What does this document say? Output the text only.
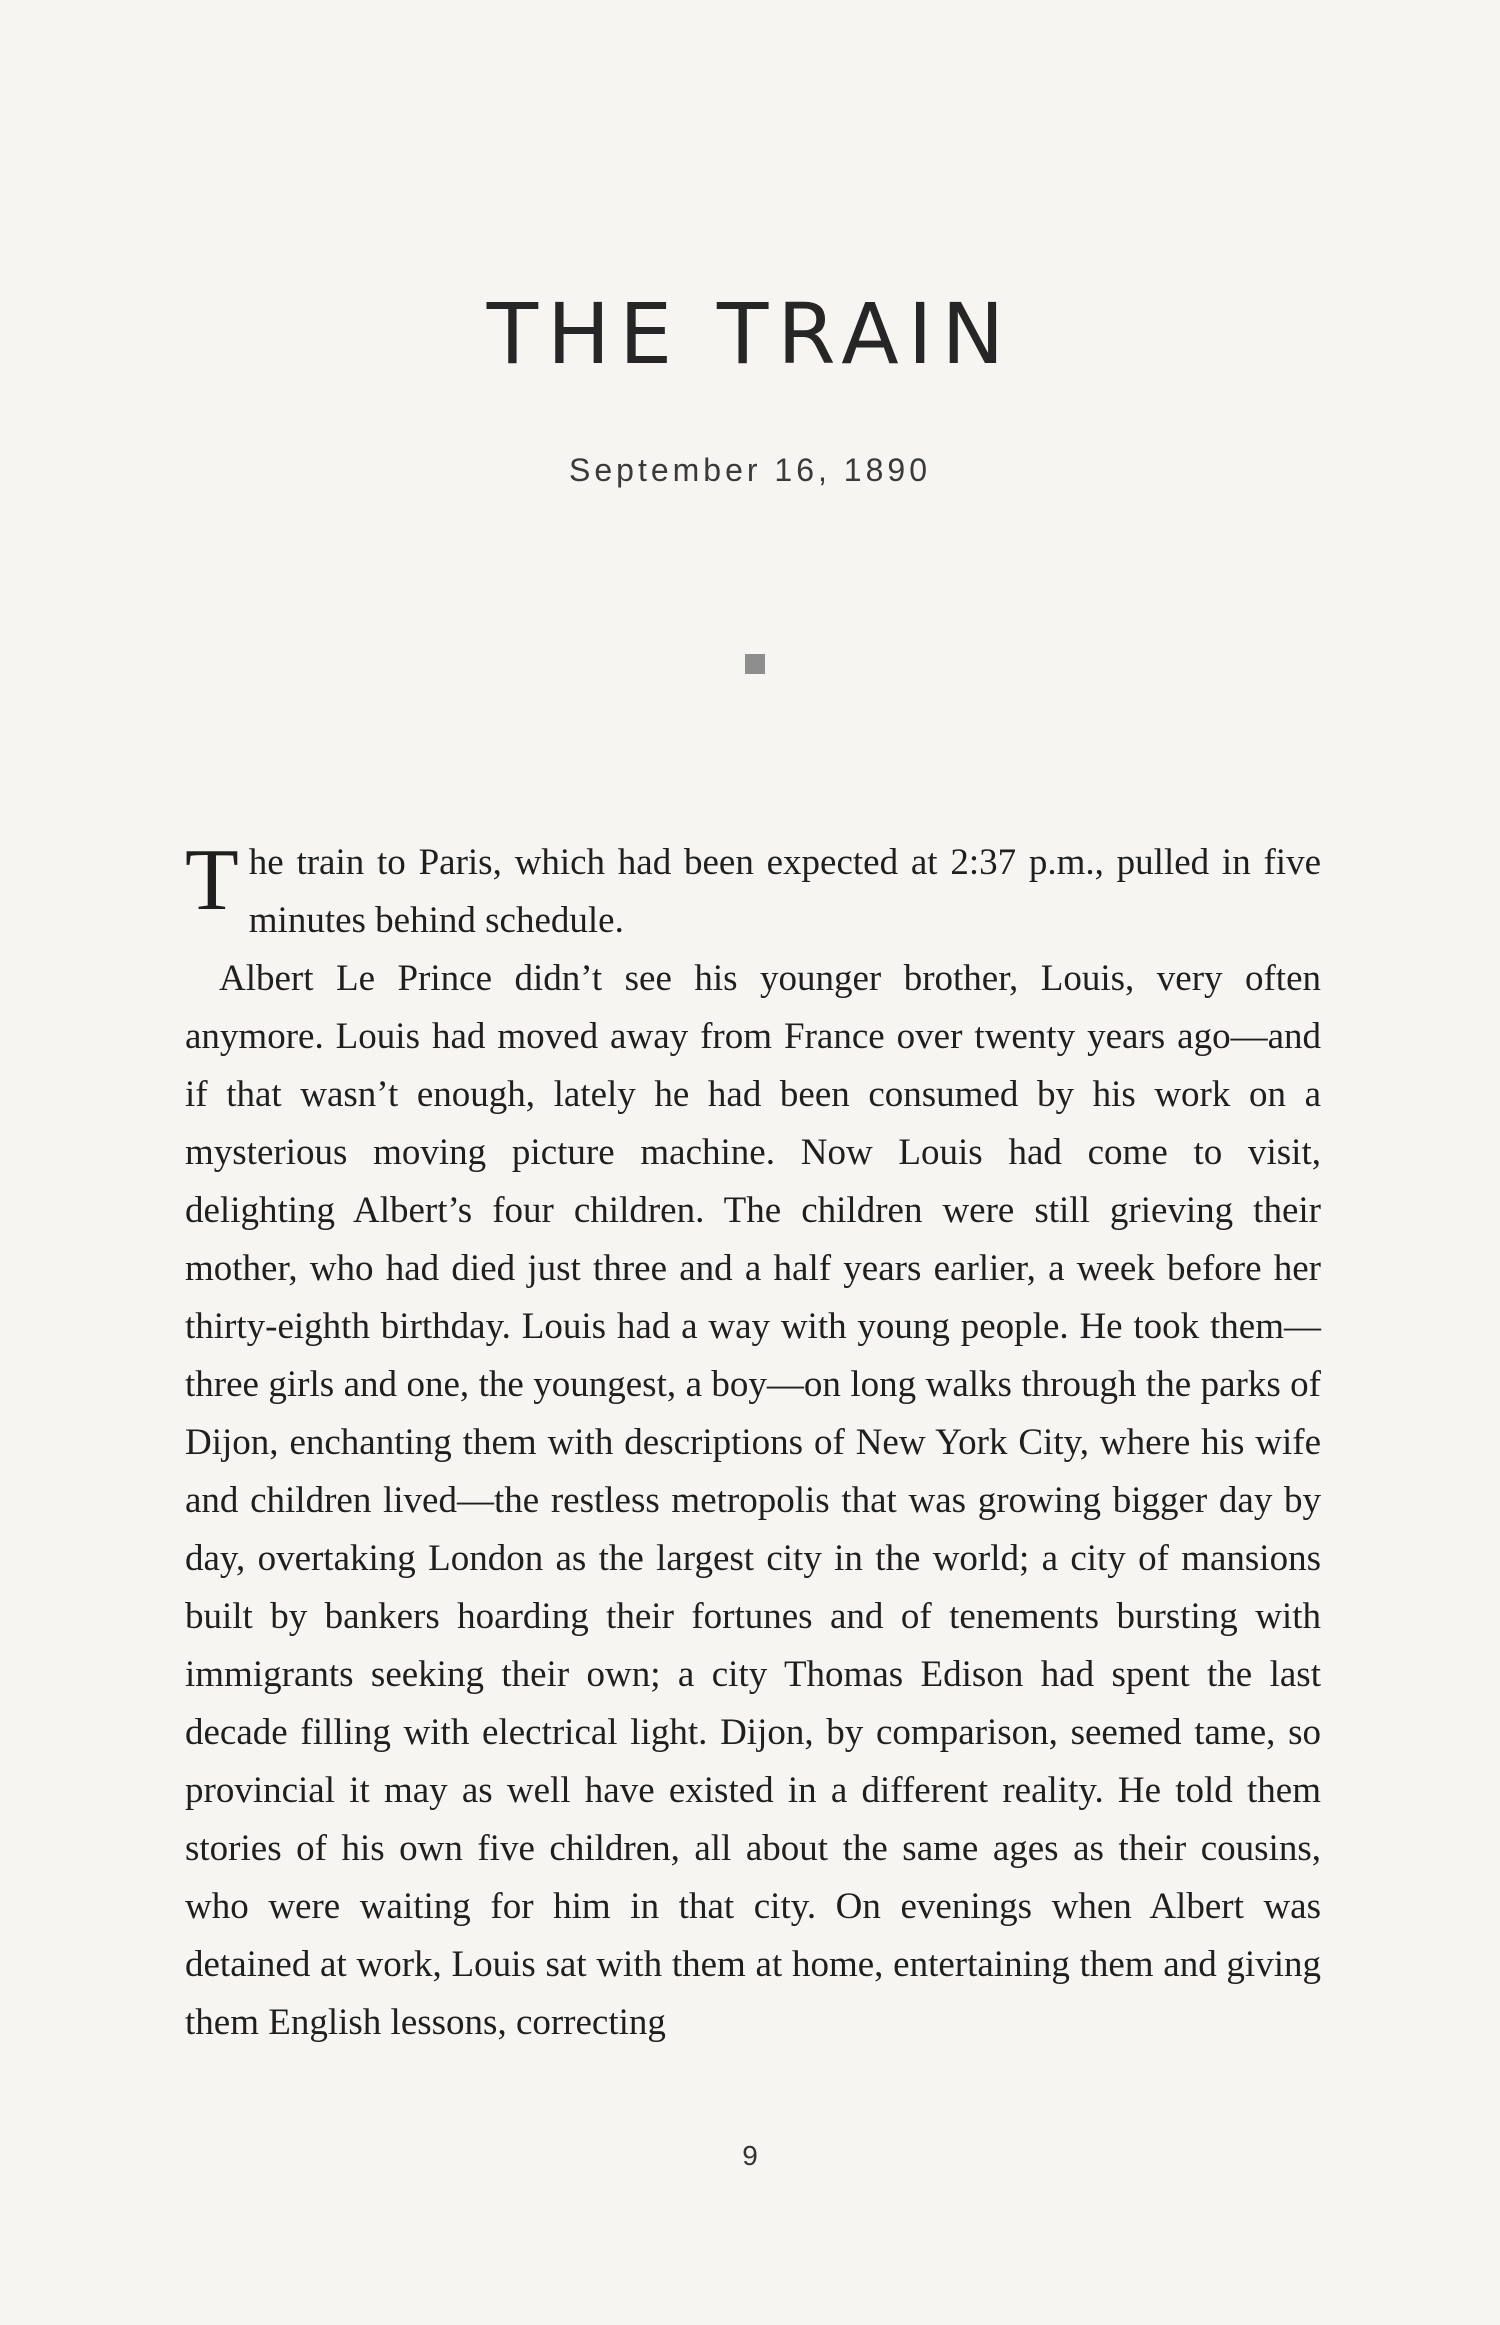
THE TRAIN
September 16, 1890

The train to Paris, which had been expected at 2:37 p.m., pulled in five minutes behind schedule.

Albert Le Prince didn’t see his younger brother, Louis, very often anymore. Louis had moved away from France over twenty years ago—and if that wasn’t enough, lately he had been consumed by his work on a mysterious moving picture machine. Now Louis had come to visit, delighting Albert’s four children. The children were still grieving their mother, who had died just three and a half years earlier, a week before her thirty-eighth birthday. Louis had a way with young people. He took them—three girls and one, the youngest, a boy—on long walks through the parks of Dijon, enchanting them with descriptions of New York City, where his wife and children lived—the restless metropolis that was growing bigger day by day, overtaking London as the largest city in the world; a city of mansions built by bankers hoarding their fortunes and of tenements bursting with immigrants seeking their own; a city Thomas Edison had spent the last decade filling with electrical light. Dijon, by comparison, seemed tame, so provincial it may as well have existed in a different reality. He told them stories of his own five children, all about the same ages as their cousins, who were waiting for him in that city. On evenings when Albert was detained at work, Louis sat with them at home, entertaining them and giving them English lessons, correcting

9
